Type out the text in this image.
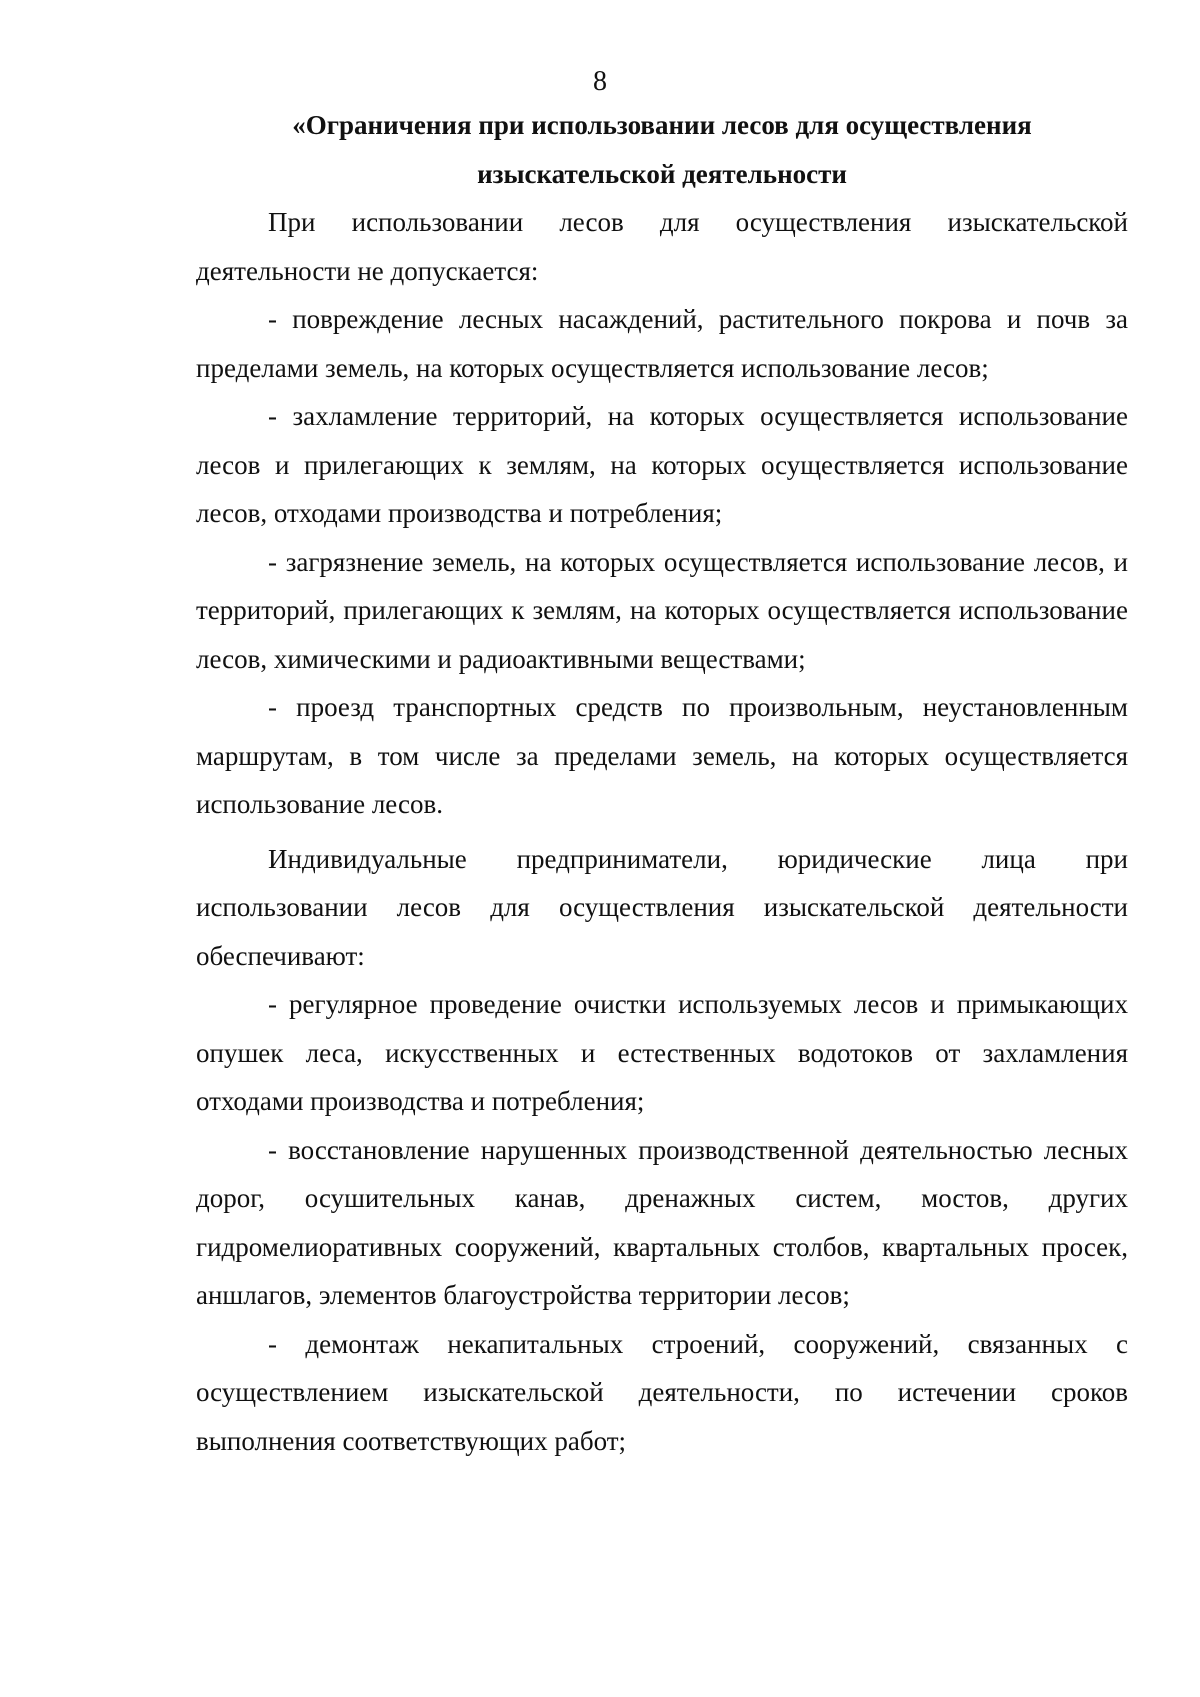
8
«Ограничения при использовании лесов для осуществления изыскательской деятельности

При использовании лесов для осуществления изыскательской деятельности не допускается:

- повреждение лесных насаждений, растительного покрова и почв за пределами земель, на которых осуществляется использование лесов;

- захламление территорий, на которых осуществляется использование лесов и прилегающих к землям, на которых осуществляется использование лесов, отходами производства и потребления;

- загрязнение земель, на которых осуществляется использование лесов, и территорий, прилегающих к землям, на которых осуществляется использование лесов, химическими и радиоактивными веществами;

- проезд транспортных средств по произвольным, неустановленным маршрутам, в том числе за пределами земель, на которых осуществляется использование лесов.

Индивидуальные предприниматели, юридические лица при использовании лесов для осуществления изыскательской деятельности обеспечивают:

- регулярное проведение очистки используемых лесов и примыкающих опушек леса, искусственных и естественных водотоков от захламления отходами производства и потребления;

- восстановление нарушенных производственной деятельностью лесных дорог, осушительных канав, дренажных систем, мостов, других гидромелиоративных сооружений, квартальных столбов, квартальных просек, аншлагов, элементов благоустройства территории лесов;

- демонтаж некапитальных строений, сооружений, связанных с осуществлением изыскательской деятельности, по истечении сроков выполнения соответствующих работ;
